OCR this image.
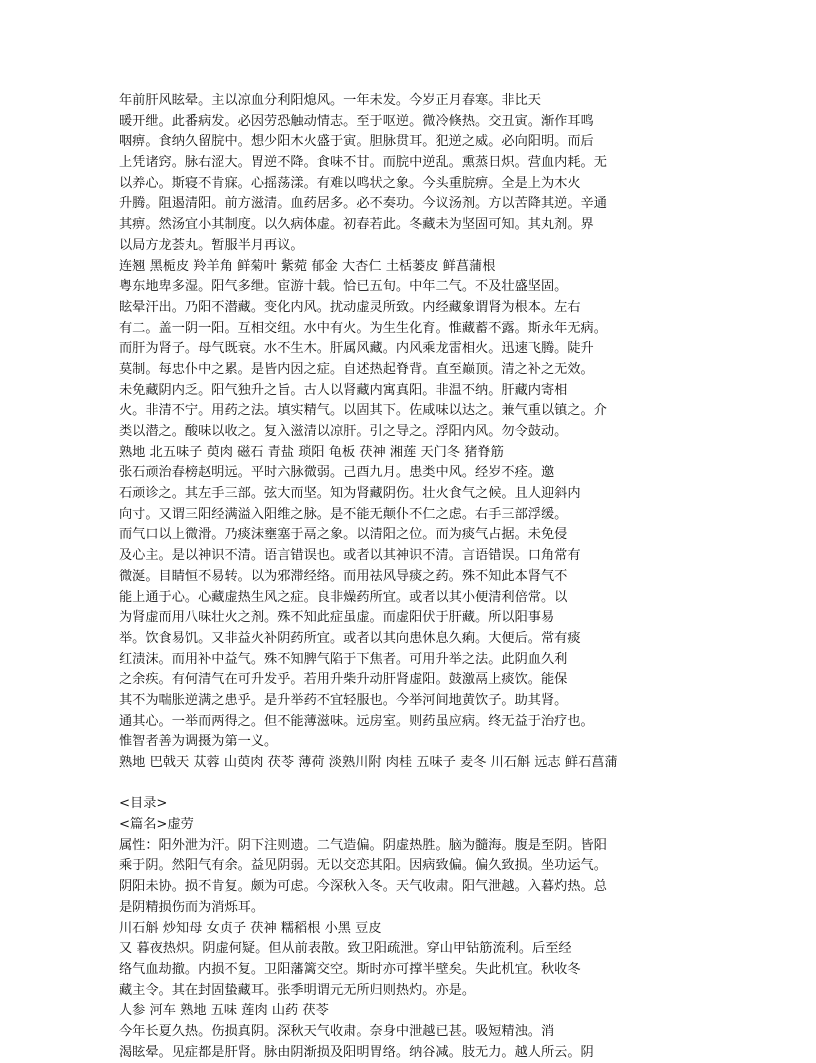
年前肝风眩晕。主以凉血分利阳熄风。一年未发。今岁正月春寒。非比天
暖开绁。此番病发。必因劳恐触动情志。至于呕逆。微冷倏热。交丑寅。渐作耳鸣
咽痹。食纳久留脘中。想少阳木火盛于寅。胆脉贯耳。犯逆之威。必向阳明。而后
上凭诸窍。脉右涩大。胃逆不降。食味不甘。而脘中逆乱。熏蒸日炽。营血内耗。无
以养心。斯寝不肯寐。心摇荡漾。有难以鸣状之象。今头重脘痹。全是上为木火
升腾。阻遏清阳。前方滋清。血药居多。必不奏功。今议汤剂。方以苦降其逆。辛通
其痹。然汤宜小其制度。以久病体虚。初春若此。冬藏未为坚固可知。其丸剂。界
以局方龙荟丸。暂服半月再议。
连翘 黑栀皮 羚羊角 鲜菊叶 紫菀 郁金 大杏仁 土栝蒌皮 鲜菖蒲根
粤东地卑多湿。阳气多绁。宦游十载。恰已五旬。中年二气。不及壮盛坚固。
眩晕汗出。乃阳不潜藏。变化内风。扰动虚灵所致。内经藏象谓肾为根本。左右
有二。盖一阴一阳。互相交纽。水中有火。为生生化育。惟藏蓄不露。斯永年无病。
而肝为肾子。母气既衰。水不生木。肝属风藏。内风乘龙雷相火。迅速飞腾。陡升
莫制。每忠仆中之累。是皆内因之症。自述热起脊背。直至巅顶。清之补之无效。
未免藏阴内乏。阳气独升之旨。古人以肾藏内寓真阳。非温不纳。肝藏内寄相
火。非清不宁。用药之法。填实精气。以固其下。佐咸味以达之。兼气重以镇之。介
类以潜之。酸味以收之。复入滋清以凉肝。引之导之。浮阳内风。勿令鼓动。
熟地 北五味子 萸肉 磁石 青盐 琐阳 龟板 茯神 湘莲 天门冬 猪脊筋
张石顽治春榜赵明远。平时六脉微弱。己酉九月。患类中风。经岁不痊。邀
石顽诊之。其左手三部。弦大而坚。知为肾藏阴伤。壮火食气之候。且人迎斜内
向寸。又谓三阳经满溢入阳维之脉。是不能无颠仆不仁之虑。右手三部浮缓。
而气口以上微滑。乃痰沫壅塞于鬲之象。以清阳之位。而为痰气占据。未免侵
及心主。是以神识不清。语言错误也。或者以其神识不清。言语错误。口角常有
微涎。目睛恒不易转。以为邪滞经络。而用祛风导痰之药。殊不知此本肾气不
能上通于心。心藏虚热生风之症。良非燥药所宜。或者以其小便清利倍常。以
为肾虚而用八味壮火之剂。殊不知此症虽虚。而虚阳伏于肝藏。所以阳事易
举。饮食易饥。又非益火补阴药所宜。或者以其向患休息久痢。大便后。常有痰
红渍沫。而用补中益气。殊不知脾气陷于下焦者。可用升举之法。此阴血久利
之余疾。有何清气在可升发乎。若用升柴升动肝肾虚阳。鼓激鬲上痰饮。能保
其不为喘胀逆满之患乎。是升举药不宜轻服也。今举河间地黄饮子。助其肾。
通其心。一举而两得之。但不能薄滋味。远房室。则药虽应病。终无益于治疗也。
惟智者善为调摄为第一义。
熟地 巴戟天 苁蓉 山萸肉 茯苓 薄荷 淡熟川附 肉桂 五味子 麦冬 川石斛 远志 鲜石菖蒲
<目录>
<篇名>虚劳
属性：阳外泄为汗。阴下注则遗。二气造偏。阴虚热胜。脑为髓海。腹是至阴。皆阳
乘于阴。然阳气有余。益见阴弱。无以交恋其阳。因病致偏。偏久致损。坐功运气。
阴阳未协。损不肯复。颇为可虑。今深秋入冬。天气收肃。阳气泄越。入暮灼热。总
是阴精损伤而为消烁耳。
川石斛 炒知母 女贞子 茯神 糯稻根 小黑 豆皮
又 暮夜热炽。阴虚何疑。但从前表散。致卫阳疏泄。穿山甲钻筋流利。后至经
络气血劫撤。内损不复。卫阳藩篱交空。斯时亦可撑半壁矣。失此机宜。秋收冬
藏主令。其在封固蛰藏耳。张季明谓元无所归则热灼。亦是。
人参 河车 熟地 五味 莲肉 山药 茯苓
今年长夏久热。伤损真阴。深秋天气收肃。奈身中泄越已甚。吸短精浊。消
渴眩晕。见症都是肝肾。脉由阴渐损及阳明胃络。纳谷减。肢无力。越人所云。阴
